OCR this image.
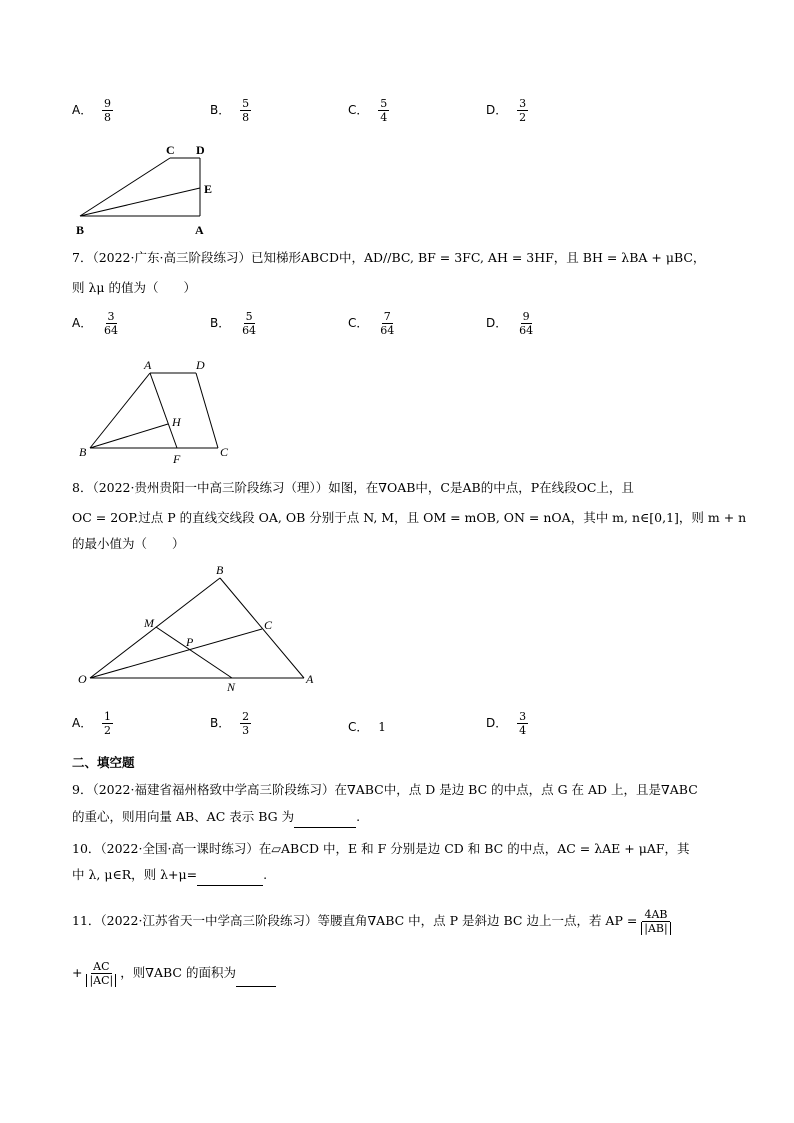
A． $\frac{9}{8}$	B． $\frac{5}{8}$	C． $\frac{5}{4}$	D． $\frac{3}{2}$
C D
E
B	A
7．（2022·广东·高三阶段练习）已知梯形ABCD中，AD//BC, BF = 3FC, AH = 3HF，且 BH = λBA + μBC，
则 λμ 的值为（　　）
A． $\frac{3}{64}$	B． $\frac{5}{64}$	C． $\frac{7}{64}$	D． $\frac{9}{64}$
A	D
H
B	F	C
8．（2022·贵州贵阳一中高三阶段练习（理））如图，在∇OAB中，C是AB的中点，P在线段OC上，且
OC = 2OP.过点 P 的直线交线段 OA, OB 分别于点 N, M，且 OM = mOB, ON = nOA，其中 m, n∈[0,1]，则 m + n
的最小值为（　　）
B
M	C
P
O
N
A
A． $\frac{1}{2}$	B． $\frac{2}{3}$	C． 1	D． $\frac{3}{4}$
二、填空题
9．（2022·福建省福州格致中学高三阶段练习）在∇ABC中，点 D 是边 BC 的中点，点 G 在 AD 上，且是∇ABC
的重心，则用向量 AB、AC 表示 BG 为	.
10．（2022·全国·高一课时练习）在▱ABCD 中，E 和 F 分别是边 CD 和 BC 的中点，AC = λAE + μAF，其
中 λ, μ∈R，则 λ+μ=	.
11．（2022·江苏省天一中学高三阶段练习）等腰直角∇ABC 中，点 P 是斜边 BC 边上一点，若 AP = $\frac{4AB}{|AB|}$
+ $\frac{AC}{|AC|}$ ，则∇ABC 的面积为
